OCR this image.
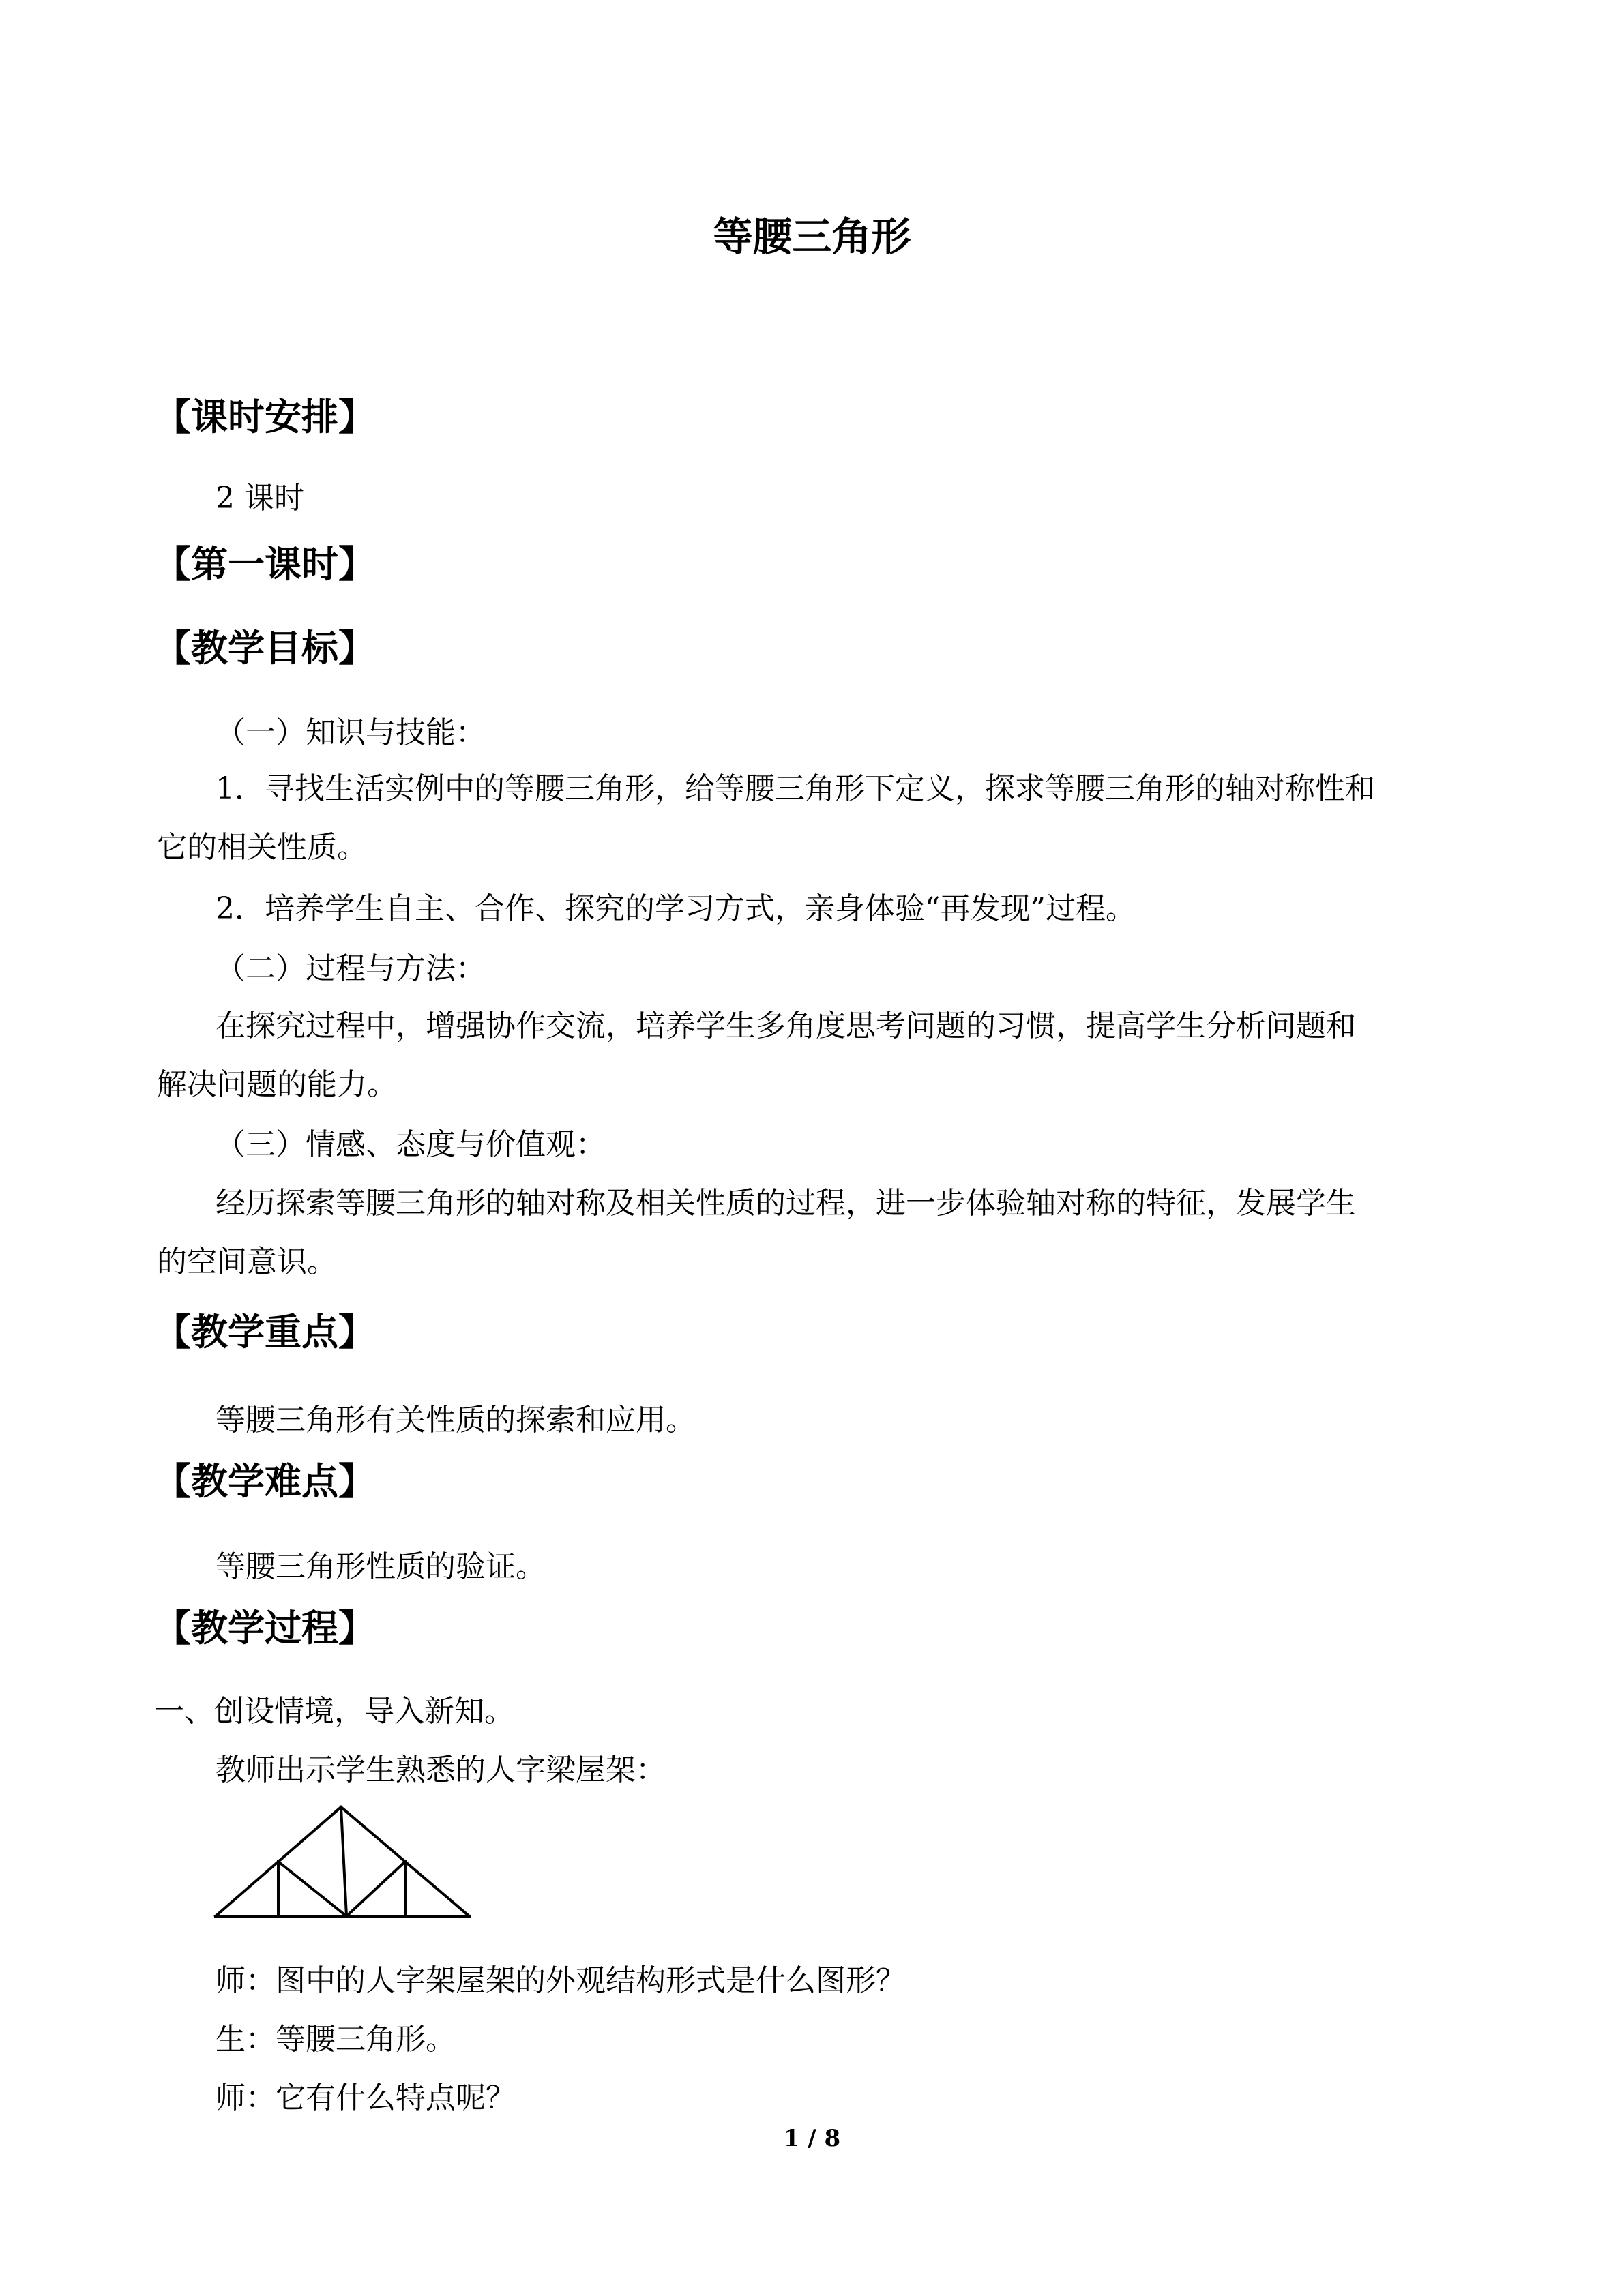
等腰三角形
【课时安排】
2 课时
【第一课时】
【教学目标】
（一）知识与技能：
1．寻找生活实例中的等腰三角形，给等腰三角形下定义，探求等腰三角形的轴对称性和
它的相关性质。
2．培养学生自主、合作、探究的学习方式，亲身体验“再发现”过程。
（二）过程与方法：
在探究过程中，增强协作交流，培养学生多角度思考问题的习惯，提高学生分析问题和
解决问题的能力。
（三）情感、态度与价值观：
经历探索等腰三角形的轴对称及相关性质的过程，进一步体验轴对称的特征，发展学生
的空间意识。
【教学重点】
等腰三角形有关性质的探索和应用。
【教学难点】
等腰三角形性质的验证。
【教学过程】
一、创设情境，导入新知。
教师出示学生熟悉的人字梁屋架：
师：图中的人字架屋架的外观结构形式是什么图形？
生：等腰三角形。
师：它有什么特点呢？
1 / 8
